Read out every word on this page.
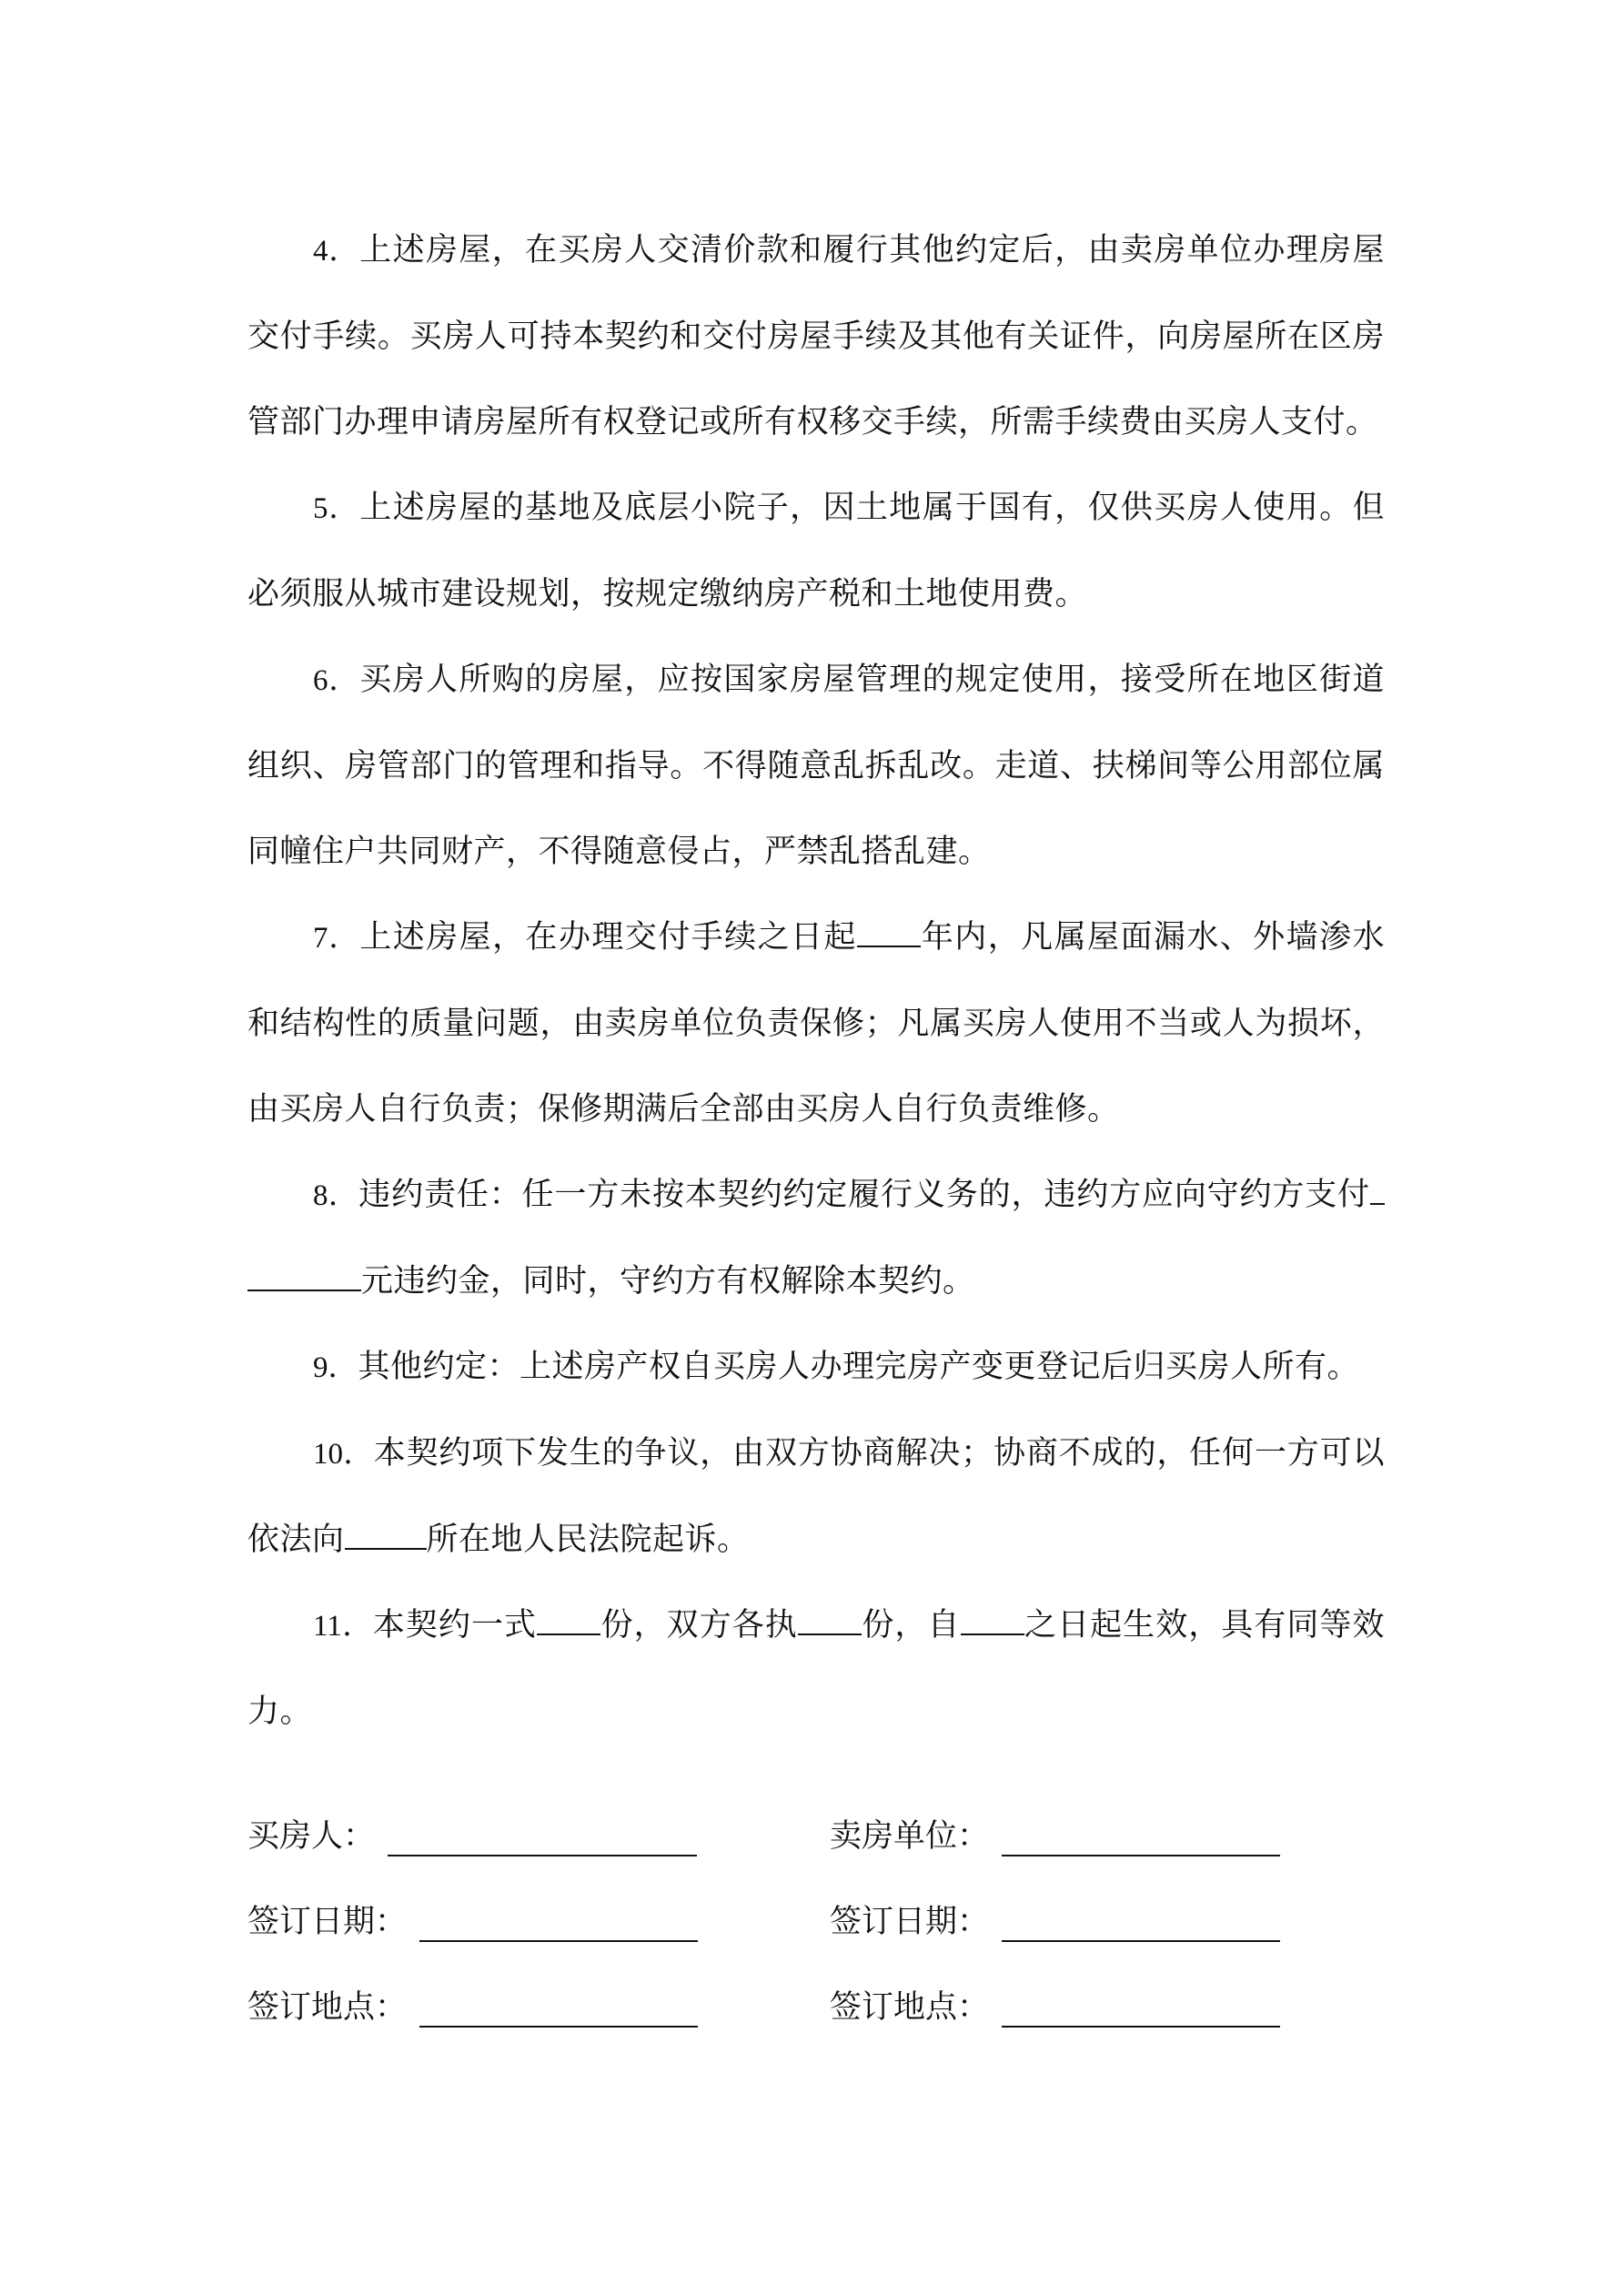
4．上述房屋，在买房人交清价款和履行其他约定后，由卖房单位办理房屋交付手续。买房人可持本契约和交付房屋手续及其他有关证件，向房屋所在区房管部门办理申请房屋所有权登记或所有权移交手续，所需手续费由买房人支付。

5．上述房屋的基地及底层小院子，因土地属于国有，仅供买房人使用。但必须服从城市建设规划，按规定缴纳房产税和土地使用费。

6．买房人所购的房屋，应按国家房屋管理的规定使用，接受所在地区街道组织、房管部门的管理和指导。不得随意乱拆乱改。走道、扶梯间等公用部位属同幢住户共同财产，不得随意侵占，严禁乱搭乱建。

7．上述房屋，在办理交付手续之日起 年内，凡属屋面漏水、外墙渗水和结构性的质量问题，由卖房单位负责保修；凡属买房人使用不当或人为损坏，由买房人自行负责；保修期满后全部由买房人自行负责维修。

8．违约责任：任一方未按本契约约定履行义务的，违约方应向守约方支付元违约金，同时，守约方有权解除本契约。

9．其他约定：上述房产权自买房人办理完房产变更登记后归买房人所有。

10．本契约项下发生的争议，由双方协商解决；协商不成的，任何一方可以依法向	所在地人民法院起诉。

11．本契约一式 份，双方各执 份，自 之日起生效，具有同等效力。

买房人：	卖房单位：
签订日期：	签订日期：
签订地点：	签订地点：
